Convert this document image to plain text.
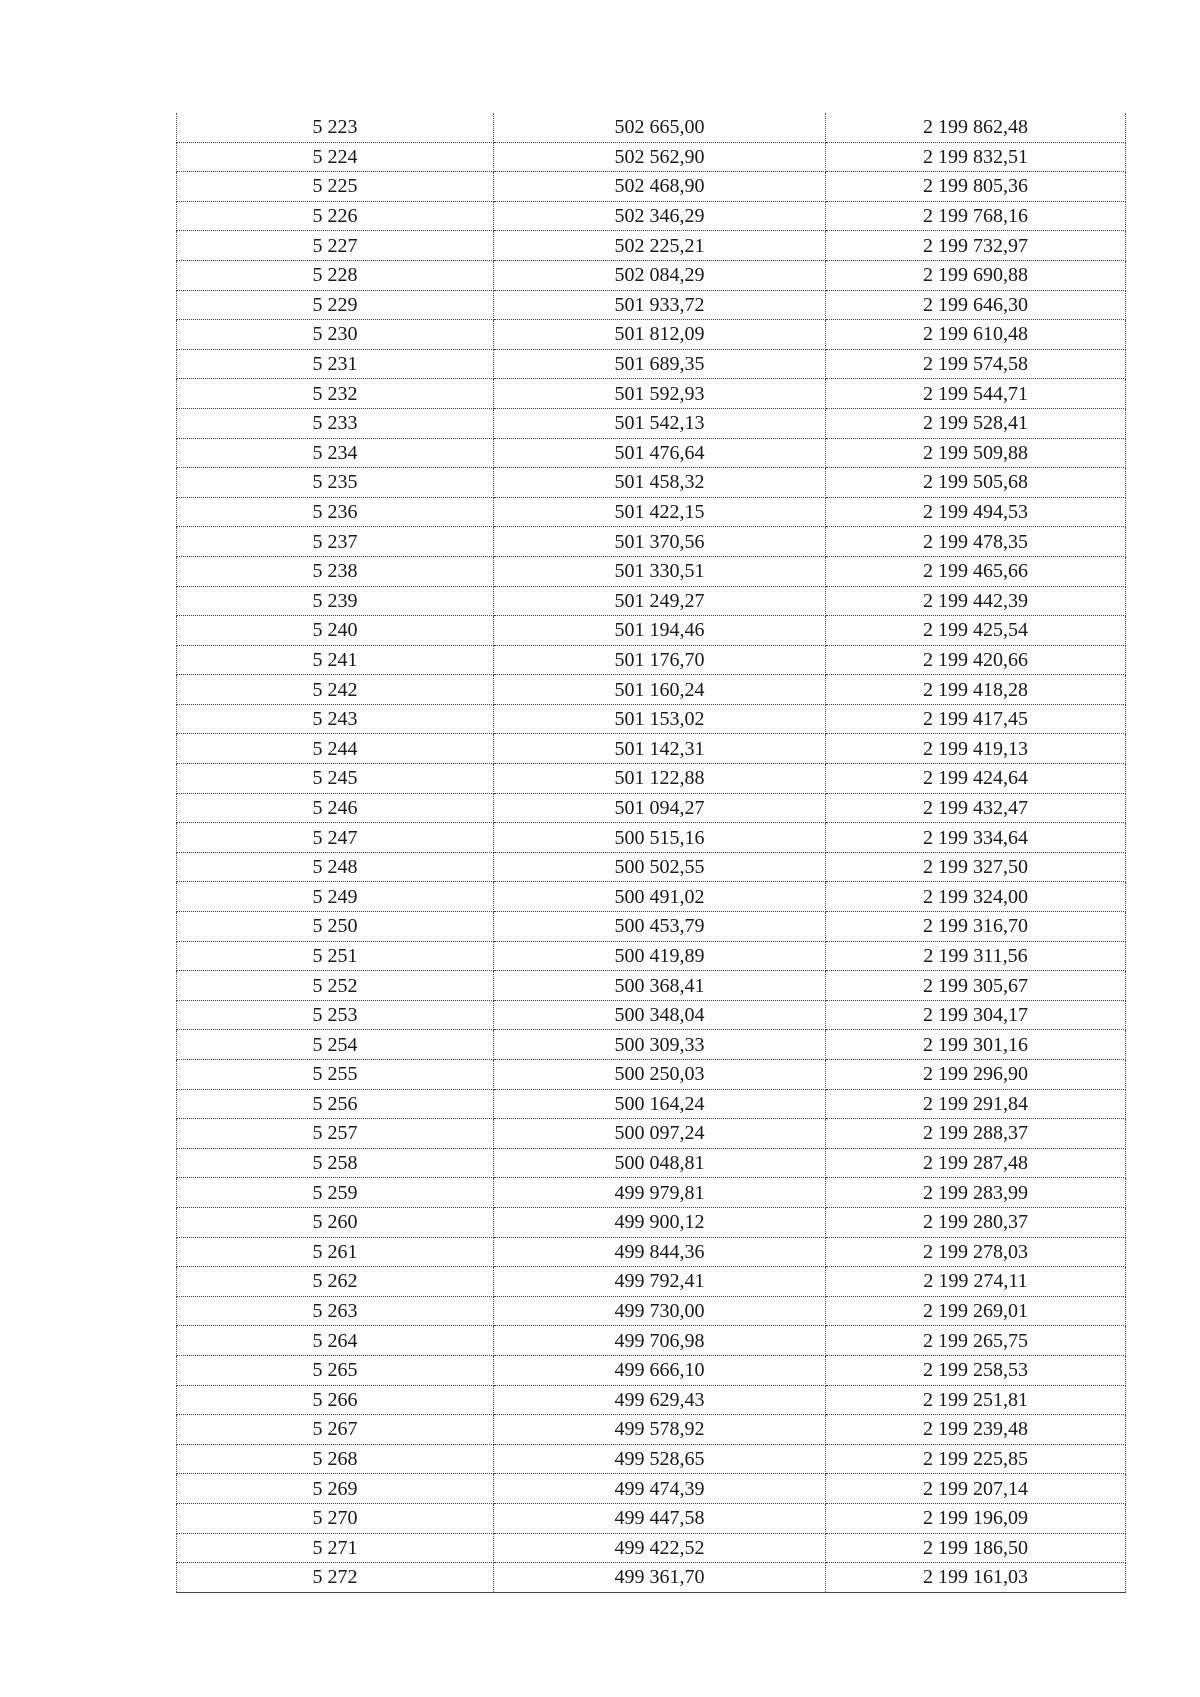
5 223	502 665,00	2 199 862,48
5 224	502 562,90	2 199 832,51
5 225	502 468,90	2 199 805,36
5 226	502 346,29	2 199 768,16
5 227	502 225,21	2 199 732,97
5 228	502 084,29	2 199 690,88
5 229	501 933,72	2 199 646,30
5 230	501 812,09	2 199 610,48
5 231	501 689,35	2 199 574,58
5 232	501 592,93	2 199 544,71
5 233	501 542,13	2 199 528,41
5 234	501 476,64	2 199 509,88
5 235	501 458,32	2 199 505,68
5 236	501 422,15	2 199 494,53
5 237	501 370,56	2 199 478,35
5 238	501 330,51	2 199 465,66
5 239	501 249,27	2 199 442,39
5 240	501 194,46	2 199 425,54
5 241	501 176,70	2 199 420,66
5 242	501 160,24	2 199 418,28
5 243	501 153,02	2 199 417,45
5 244	501 142,31	2 199 419,13
5 245	501 122,88	2 199 424,64
5 246	501 094,27	2 199 432,47
5 247	500 515,16	2 199 334,64
5 248	500 502,55	2 199 327,50
5 249	500 491,02	2 199 324,00
5 250	500 453,79	2 199 316,70
5 251	500 419,89	2 199 311,56
5 252	500 368,41	2 199 305,67
5 253	500 348,04	2 199 304,17
5 254	500 309,33	2 199 301,16
5 255	500 250,03	2 199 296,90
5 256	500 164,24	2 199 291,84
5 257	500 097,24	2 199 288,37
5 258	500 048,81	2 199 287,48
5 259	499 979,81	2 199 283,99
5 260	499 900,12	2 199 280,37
5 261	499 844,36	2 199 278,03
5 262	499 792,41	2 199 274,11
5 263	499 730,00	2 199 269,01
5 264	499 706,98	2 199 265,75
5 265	499 666,10	2 199 258,53
5 266	499 629,43	2 199 251,81
5 267	499 578,92	2 199 239,48
5 268	499 528,65	2 199 225,85
5 269	499 474,39	2 199 207,14
5 270	499 447,58	2 199 196,09
5 271	499 422,52	2 199 186,50
5 272	499 361,70	2 199 161,03
